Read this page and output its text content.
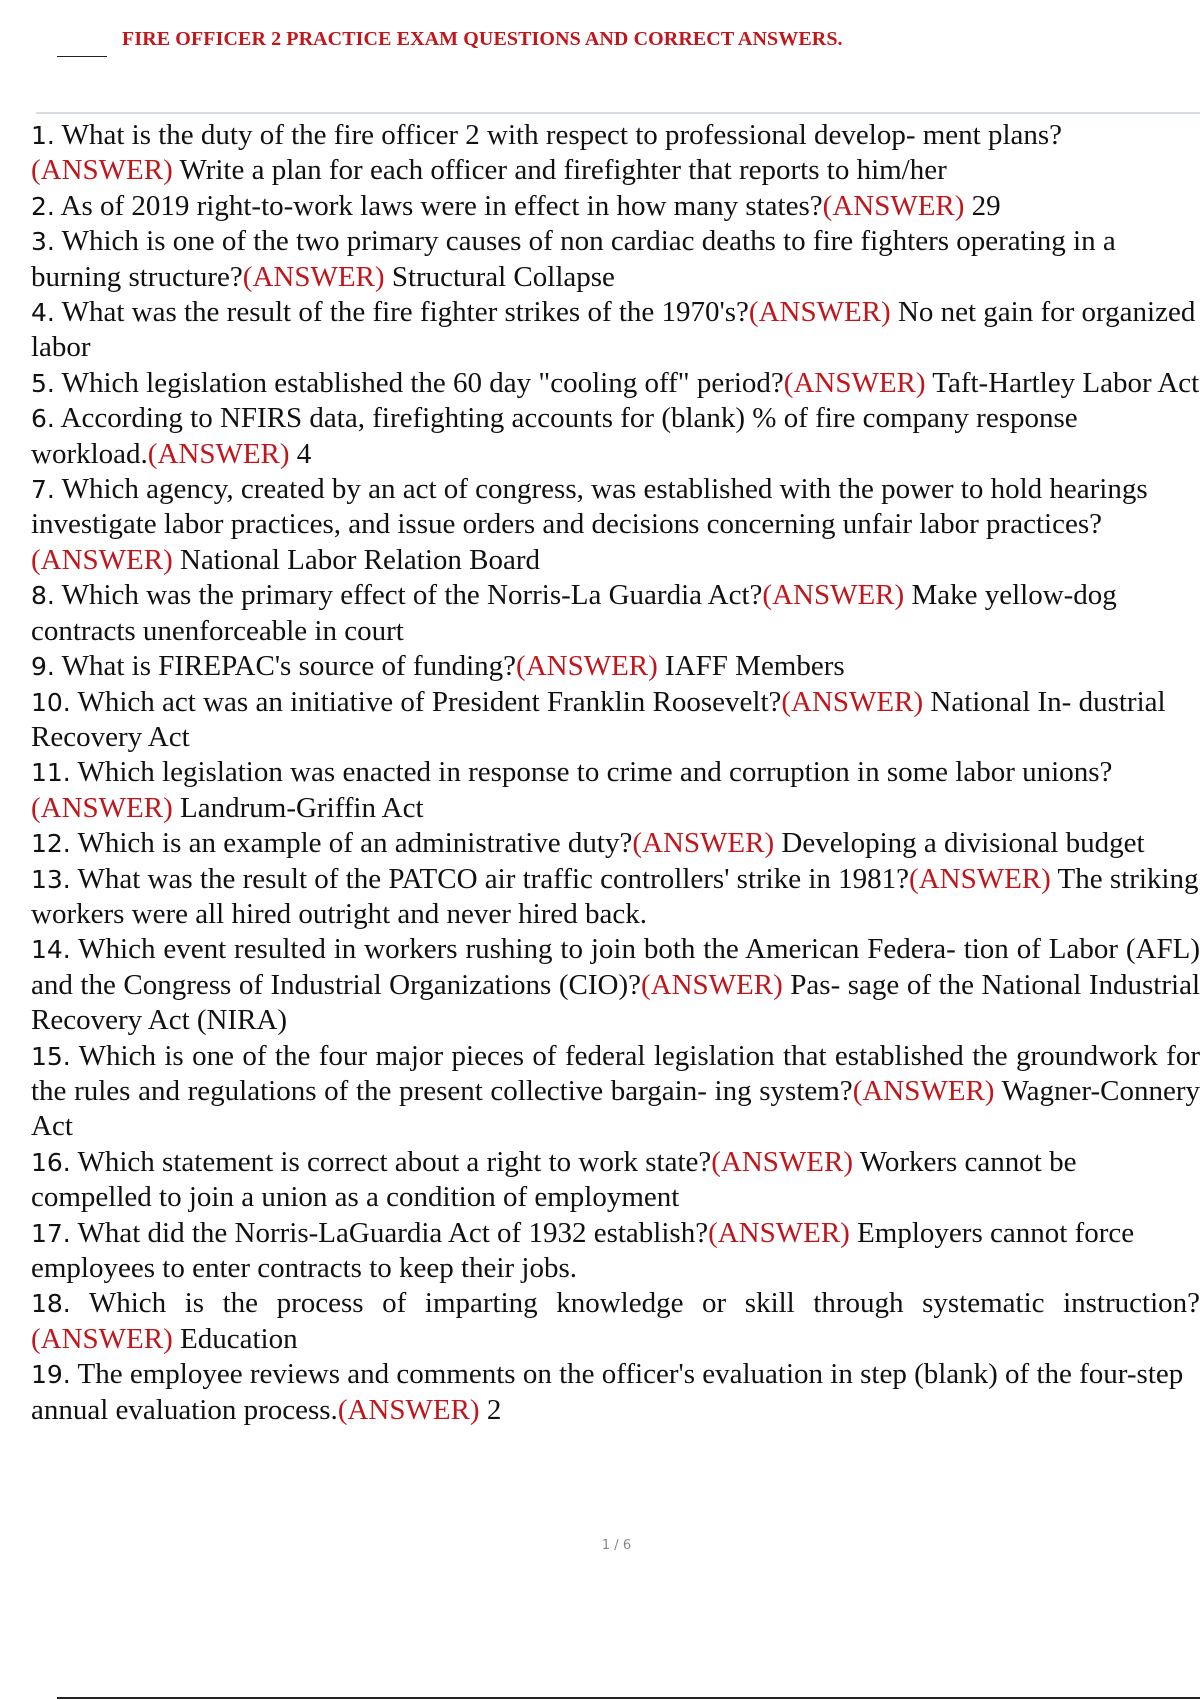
FIRE OFFICER 2 PRACTICE EXAM QUESTIONS AND CORRECT ANSWERS.
1. What is the duty of the fire officer 2 with respect to professional develop- ment plans?(ANSWER) Write a plan for each officer and firefighter that reports to him/her
2. As of 2019 right-to-work laws were in effect in how many states?(ANSWER) 29
3. Which is one of the two primary causes of non cardiac deaths to fire fighters operating in a burning structure?(ANSWER) Structural Collapse
4. What was the result of the fire fighter strikes of the 1970's?(ANSWER) No net gain for organized labor
5. Which legislation established the 60 day "cooling off" period?(ANSWER) Taft-Hartley Labor Act
6. According to NFIRS data, firefighting accounts for (blank) % of fire company response workload.(ANSWER) 4
7. Which agency, created by an act of congress, was established with the power to hold hearings investigate labor practices, and issue orders and decisions concerning unfair labor practices?(ANSWER) National Labor Relation Board
8. Which was the primary effect of the Norris-La Guardia Act?(ANSWER) Make yellow-dog contracts unenforceable in court
9. What is FIREPAC's source of funding?(ANSWER) IAFF Members
10. Which act was an initiative of President Franklin Roosevelt?(ANSWER) National In- dustrial Recovery Act
11. Which legislation was enacted in response to crime and corruption in some labor unions?(ANSWER) Landrum-Griffin Act
12. Which is an example of an administrative duty?(ANSWER) Developing a divisional budget
13. What was the result of the PATCO air traffic controllers' strike in 1981?(ANSWER) The striking workers were all hired outright and never hired back.
14. Which event resulted in workers rushing to join both the American Federa- tion of Labor (AFL) and the Congress of Industrial Organizations (CIO)?(ANSWER) Pas- sage of the National Industrial Recovery Act (NIRA)
15. Which is one of the four major pieces of federal legislation that established the groundwork for the rules and regulations of the present collective bargain- ing system?(ANSWER) Wagner-Connery Act
16. Which statement is correct about a right to work state?(ANSWER) Workers cannot be compelled to join a union as a condition of employment
17. What did the Norris-LaGuardia Act of 1932 establish?(ANSWER) Employers cannot force employees to enter contracts to keep their jobs.
18. Which is the process of imparting knowledge or skill through systematic instruction?(ANSWER) Education
19. The employee reviews and comments on the officer's evaluation in step (blank) of the four-step annual evaluation process.(ANSWER) 2
1 / 6
